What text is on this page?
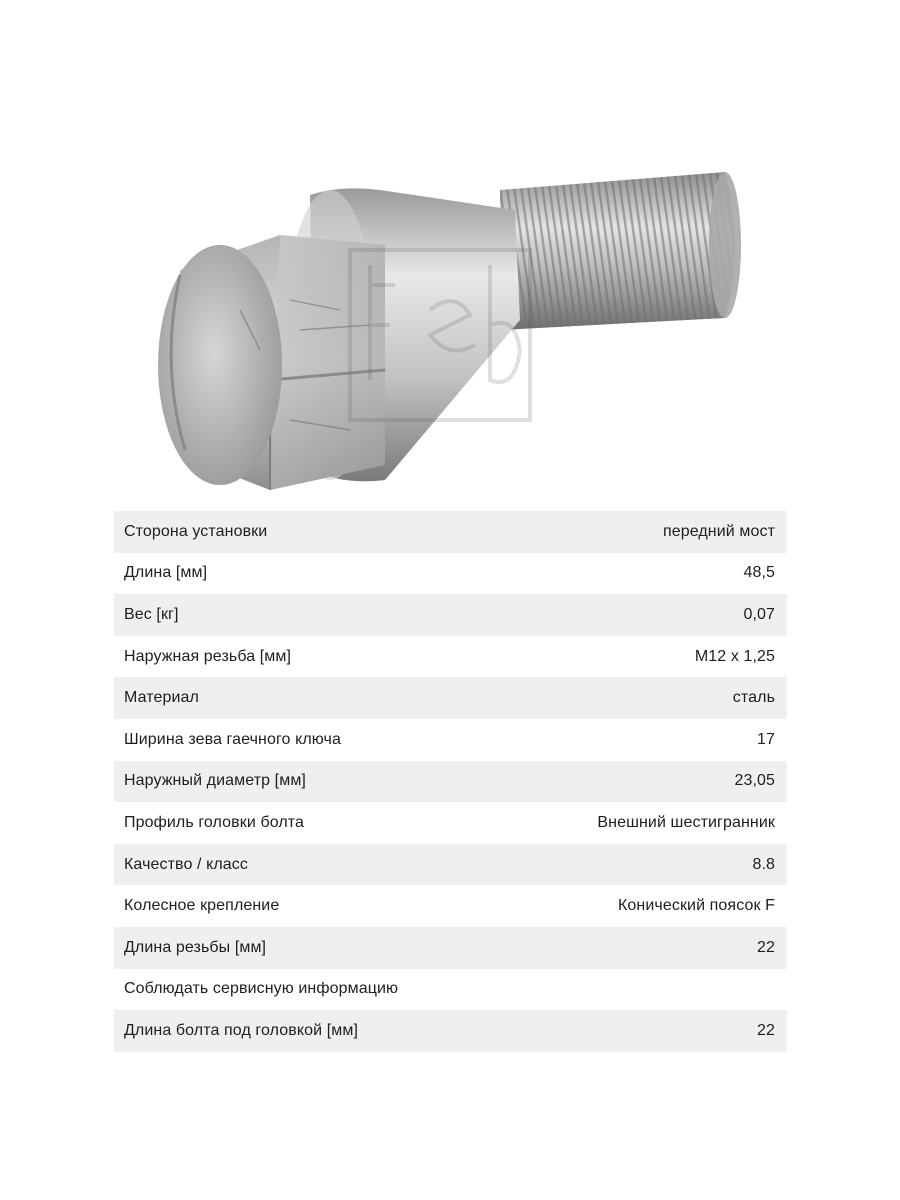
Сторона установки	передний мост
Длина [мм]	48,5
Вес [кг]	0,07
Наружная резьба [мм]	M12 x 1,25
Материал	сталь
Ширина зева гаечного ключа	17
Наружный диаметр [мм]	23,05
Профиль головки болта	Внешний шестигранник
Качество / класс	8.8
Колесное крепление	Конический поясок F
Длина резьбы [мм]	22
Соблюдать сервисную информацию
Длина болта под головкой [мм]	22
